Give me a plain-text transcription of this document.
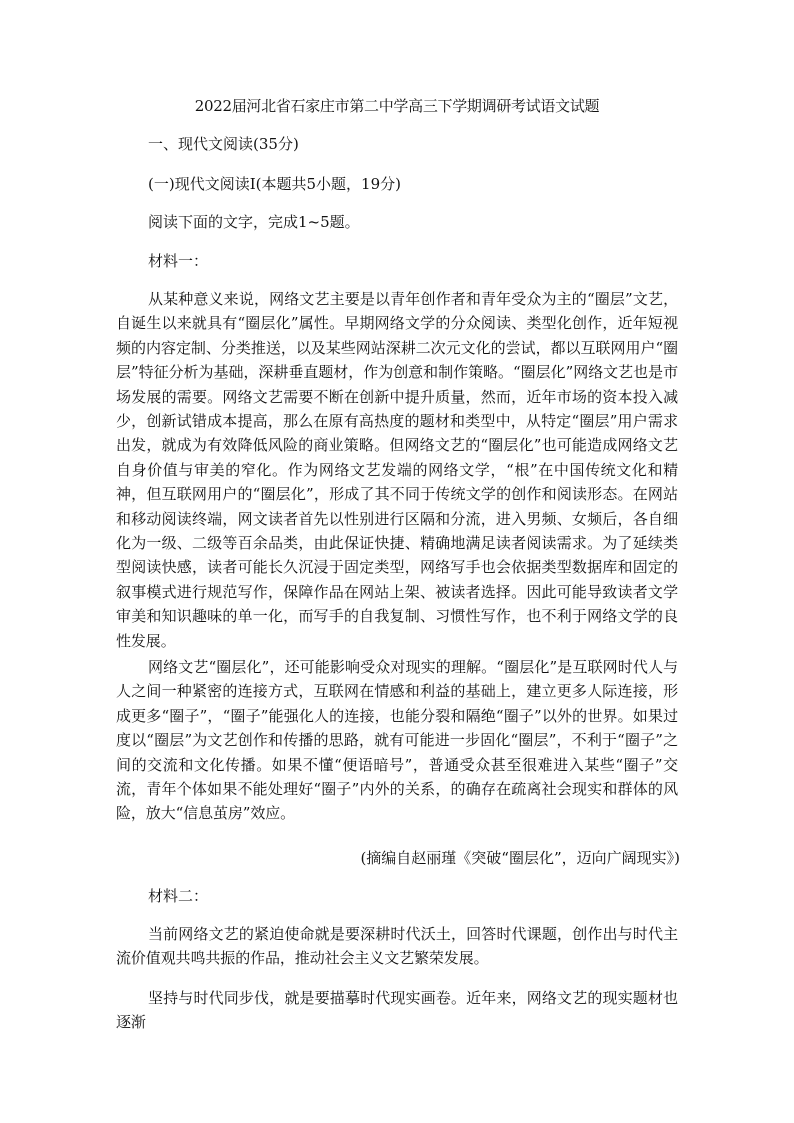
2022届河北省石家庄市第二中学高三下学期调研考试语文试题
一、现代文阅读(35分)
(一)现代文阅读Ⅰ(本题共5小题，19分)
阅读下面的文字，完成1~5题。
材料一：
从某种意义来说，网络文艺主要是以青年创作者和青年受众为主的“圈层”文艺，自诞生以来就具有“圈层化”属性。早期网络文学的分众阅读、类型化创作，近年短视频的内容定制、分类推送，以及某些网站深耕二次元文化的尝试，都以互联网用户“圈层”特征分析为基础，深耕垂直题材，作为创意和制作策略。“圈层化”网络文艺也是市场发展的需要。网络文艺需要不断在创新中提升质量，然而，近年市场的资本投入减少，创新试错成本提高，那么在原有高热度的题材和类型中，从特定“圈层”用户需求出发，就成为有效降低风险的商业策略。但网络文艺的“圈层化”也可能造成网络文艺自身价值与审美的窄化。作为网络文艺发端的网络文学，“根”在中国传统文化和精神，但互联网用户的“圈层化”，形成了其不同于传统文学的创作和阅读形态。在网站和移动阅读终端，网文读者首先以性别进行区隔和分流，进入男频、女频后，各自细化为一级、二级等百余品类，由此保证快捷、精确地满足读者阅读需求。为了延续类型阅读快感，读者可能长久沉浸于固定类型，网络写手也会依据类型数据库和固定的叙事模式进行规范写作，保障作品在网站上架、被读者选择。因此可能导致读者文学审美和知识趣味的单一化，而写手的自我复制、习惯性写作，也不利于网络文学的良性发展。
网络文艺“圈层化”，还可能影响受众对现实的理解。“圈层化”是互联网时代人与人之间一种紧密的连接方式，互联网在情感和利益的基础上，建立更多人际连接，形成更多“圈子”，“圈子”能强化人的连接，也能分裂和隔绝“圈子”以外的世界。如果过度以“圈层”为文艺创作和传播的思路，就有可能进一步固化“圈层”，不利于“圈子”之间的交流和文化传播。如果不懂“便语暗号”，普通受众甚至很难进入某些“圈子”交流，青年个体如果不能处理好“圈子”内外的关系，的确存在疏离社会现实和群体的风险，放大“信息茧房”效应。
(摘编自赵丽瑾《突破“圈层化”，迈向广阔现实》)
材料二：
当前网络文艺的紧迫使命就是要深耕时代沃土，回答时代课题，创作出与时代主流价值观共鸣共振的作品，推动社会主义文艺繁荣发展。
坚持与时代同步伐，就是要描摹时代现实画卷。近年来，网络文艺的现实题材也逐渐
